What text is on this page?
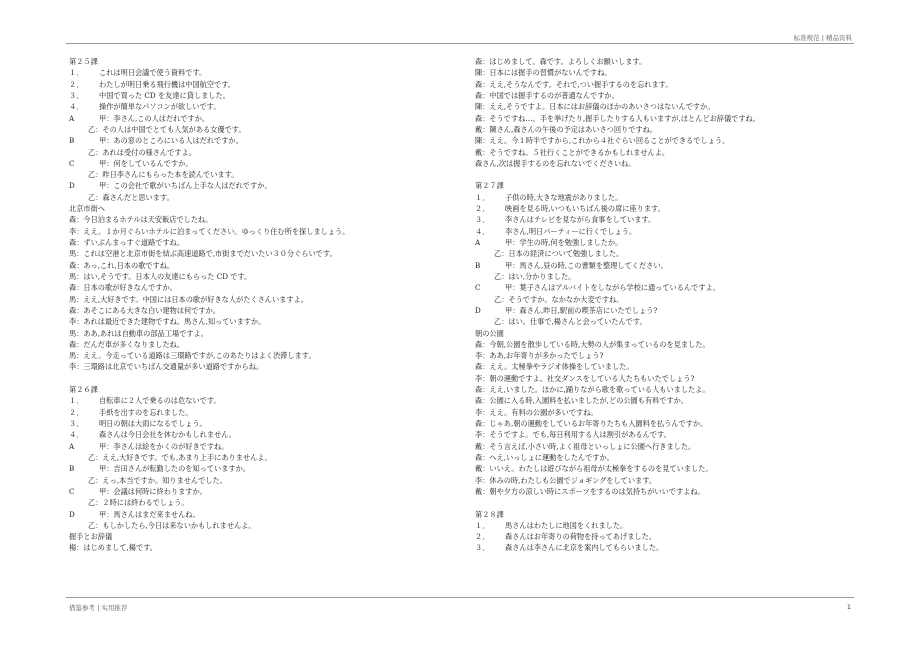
标准规范 | 精品资料
第２５課
１． これは明日会議で使う資料です。
２． わたしが明日乗る飛行機は中国航空です。
３． 中国で買った CD を友達に貸しました。
４． 操作が簡単なパソコンが欲しいです。
A	甲：李さん,この人はだれですか。
乙：その人は中国でとても人気がある女優です。
B	甲：あの窓のところにいる人はだれですか。
乙：あれは受付の様さんですよ。
C	甲：何をしているんですか。
乙：昨日李さんにもらった本を読んでいます。
D	甲：この会社で歌がいちばん上手な人はだれですか。
乙：森さんだと思います。
北京市街へ
森：今日泊まるホテルは天安飯店でしたね。
李：ええ。１か月ぐらいホテルに泊まってください。ゆっくり住む所を探しましょう。
森：ずいぶんまっすぐ道路ですね。
馬：これは空港と北京市街を結ぶ高速道路で,市街までだいたい３０分ぐらいです。
森：あっ,これ,日本の歌ですね。
馬：はい,そうです。日本人の友達にもらった CD です。
森：日本の歌が好きなんですか。
馬：ええ,大好きです。中国には日本の歌が好きな人がたくさんいますよ。
森：あそこにある大きな白い建物は何ですか。
李：あれは最近できた建物ですね。馬さん,知っていますか。
馬：ああ,あれは自動車の部品工場ですよ。
森：だんだ車が多くなりましたね。
馬：ええ。今走っている道路は三環路ですが,このあたりはよく渋滞します。
李：三環路は北京でいちばん交通量が多い道路ですからね。
第２６課
１． 自転車に２人で乗るのは危ないです。
２． 手紙を出すのを忘れました。
３． 明日の朝は大雨になるでしょう。
４． 森さんは今日会社を休むかもしれません。
A	甲：李さんは絵をかくのが好きですね。
乙：ええ,大好きです。でも,あまり上手にありませんよ。
B	甲：吉田さんが転勤したのを知っていますか。
乙：えっ,本当ですか。知りませんでした。
C	甲：会議は何時に終わりますか。
乙：２時には終わるでしょう。
D	甲：馬さんはまだ来ませんね。
乙：もしかしたら,今日は来ないかもしれませんよ。
握手とお辞儀
楊：はじめまして,楊です。
森：はじめまして。森です。よろしくお願いします。
陳：日本には握手の習慣がないんですね。
森：ええ,そうなんです。それで,つい握手するのを忘れます。
森：中国では握手するのが普通なんですか。
陳：ええ,そうですよ。日本にはお辞儀のほかのあいさつはないんですか。
森：そうですね…。手を挙げたり,握手したりする人もいますが,ほとんどお辞儀ですね。
戴：陳さん,森さんの午後の予定はあいさつ回りですね。
陳：ええ。今１時半ですから,これから４社ぐらい回ることができるでしょう。
戴：そうですね。５社行くことができるかもしれませんよ。
森さん,次は握手するのを忘れないでくださいね。
第２７課
１． 子供の時,大きな地震がありました。
２． 映画を見る時,いつもいちばん後の席に座ります。
３． 李さんはテレビを見ながら食事をしています。
４． 李さん,明日パーティーに行くでしょう。
A	甲：学生の時,何を勉強しましたか。
乙：日本の経済について勉強しました。
B	甲：馬さん,昼の時,この書類を整理してください。
乙：はい,分かりました。
C	甲：葉子さんはアルバイトをしながら学校に通っているんですよ。
乙：そうですか。なかなか大変ですね。
D	甲：森さん,昨日,駅前の喫茶店にいたでしょう?
乙：はい。仕事で,楊さんと会っていたんです。
朝の公園
森：今朝,公園を散歩している時,大勢の人が集まっているのを見ました。
李：ああ,お年寄りが多かったでしょう?
森：ええ。太極拳やラジオ体操をしていました。
李：朝の運動ですよ。社交ダンスをしている人たちもいたでしょう?
森：ええ,いました。ほかに,踊りながら歌を歌っている人もいましたよ。
森：公園に入る時,入園料を払いましたが,どの公園も有料ですか。
李：ええ。有料の公園が多いですね。
森：じゃあ,朝の運動をしているお年寄りたちも入園料を払うんですか。
李：そうですよ。でも,毎日利用する人は割引があるんです。
戴：そう言えば,小さい時,よく祖母といっしょに公園へ行きました。
森：へえ,いっしょに運動をしたんですか。
戴：いいえ。わたしは遊びながら祖母が太極拳をするのを見ていました。
李：休みの時,わたしも公園でジョギングをしています。
戴：朝や夕方の涼しい時にスポーツをするのは気持ちがいいですよね。
第２８課
１． 馬さんはわたしに地図をくれました。
２． 森さんはお年寄りの荷物を持ってあげました。
３． 森さんは李さんに北京を案内してもらいました。
借鉴参考 | 实用推荐	1
